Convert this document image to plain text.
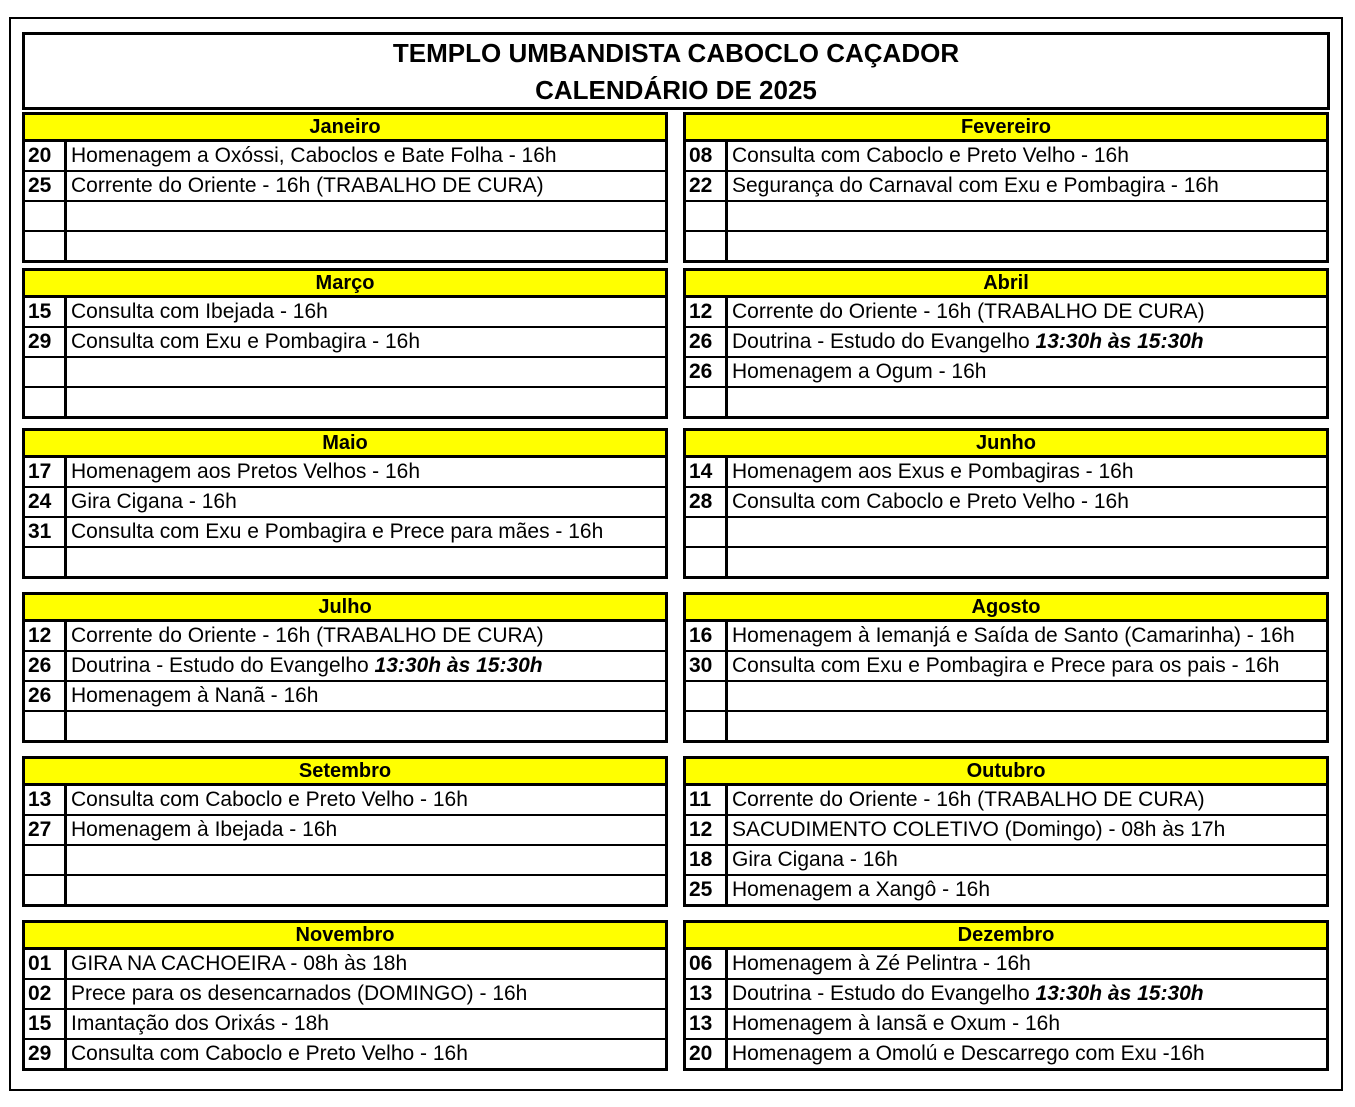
TEMPLO UMBANDISTA CABOCLO CAÇADOR
CALENDÁRIO DE 2025
Janeiro
20 Homenagem a Oxóssi, Caboclos e Bate Folha - 16h
25 Corrente do Oriente - 16h (TRABALHO DE CURA)
Fevereiro
08 Consulta com Caboclo e Preto Velho - 16h
22 Segurança do Carnaval com Exu e Pombagira - 16h
Março
15 Consulta com Ibejada - 16h
29 Consulta com Exu e Pombagira - 16h
Abril
12 Corrente do Oriente - 16h (TRABALHO DE CURA)
26 Doutrina - Estudo do Evangelho 13:30h às 15:30h
26 Homenagem a Ogum - 16h
Maio
17 Homenagem aos Pretos Velhos - 16h
24 Gira Cigana - 16h
31 Consulta com Exu e Pombagira e Prece para mães - 16h
Junho
14 Homenagem aos Exus e Pombagiras - 16h
28 Consulta com Caboclo e Preto Velho - 16h
Julho
12 Corrente do Oriente - 16h (TRABALHO DE CURA)
26 Doutrina - Estudo do Evangelho 13:30h às 15:30h
26 Homenagem à Nanã - 16h
Agosto
16 Homenagem à Iemanjá e Saída de Santo (Camarinha) - 16h
30 Consulta com Exu e Pombagira e Prece para os pais - 16h
Setembro
13 Consulta com Caboclo e Preto Velho - 16h
27 Homenagem à Ibejada - 16h
Outubro
11 Corrente do Oriente - 16h (TRABALHO DE CURA)
12 SACUDIMENTO COLETIVO (Domingo) - 08h às 17h
18 Gira Cigana - 16h
25 Homenagem a Xangô - 16h
Novembro
01 GIRA NA CACHOEIRA - 08h às 18h
02 Prece para os desencarnados (DOMINGO) - 16h
15 Imantação dos Orixás - 18h
29 Consulta com Caboclo e Preto Velho - 16h
Dezembro
06 Homenagem à Zé Pelintra - 16h
13 Doutrina - Estudo do Evangelho 13:30h às 15:30h
13 Homenagem à Iansã e Oxum - 16h
20 Homenagem a Omolú e Descarrego com Exu -16h
